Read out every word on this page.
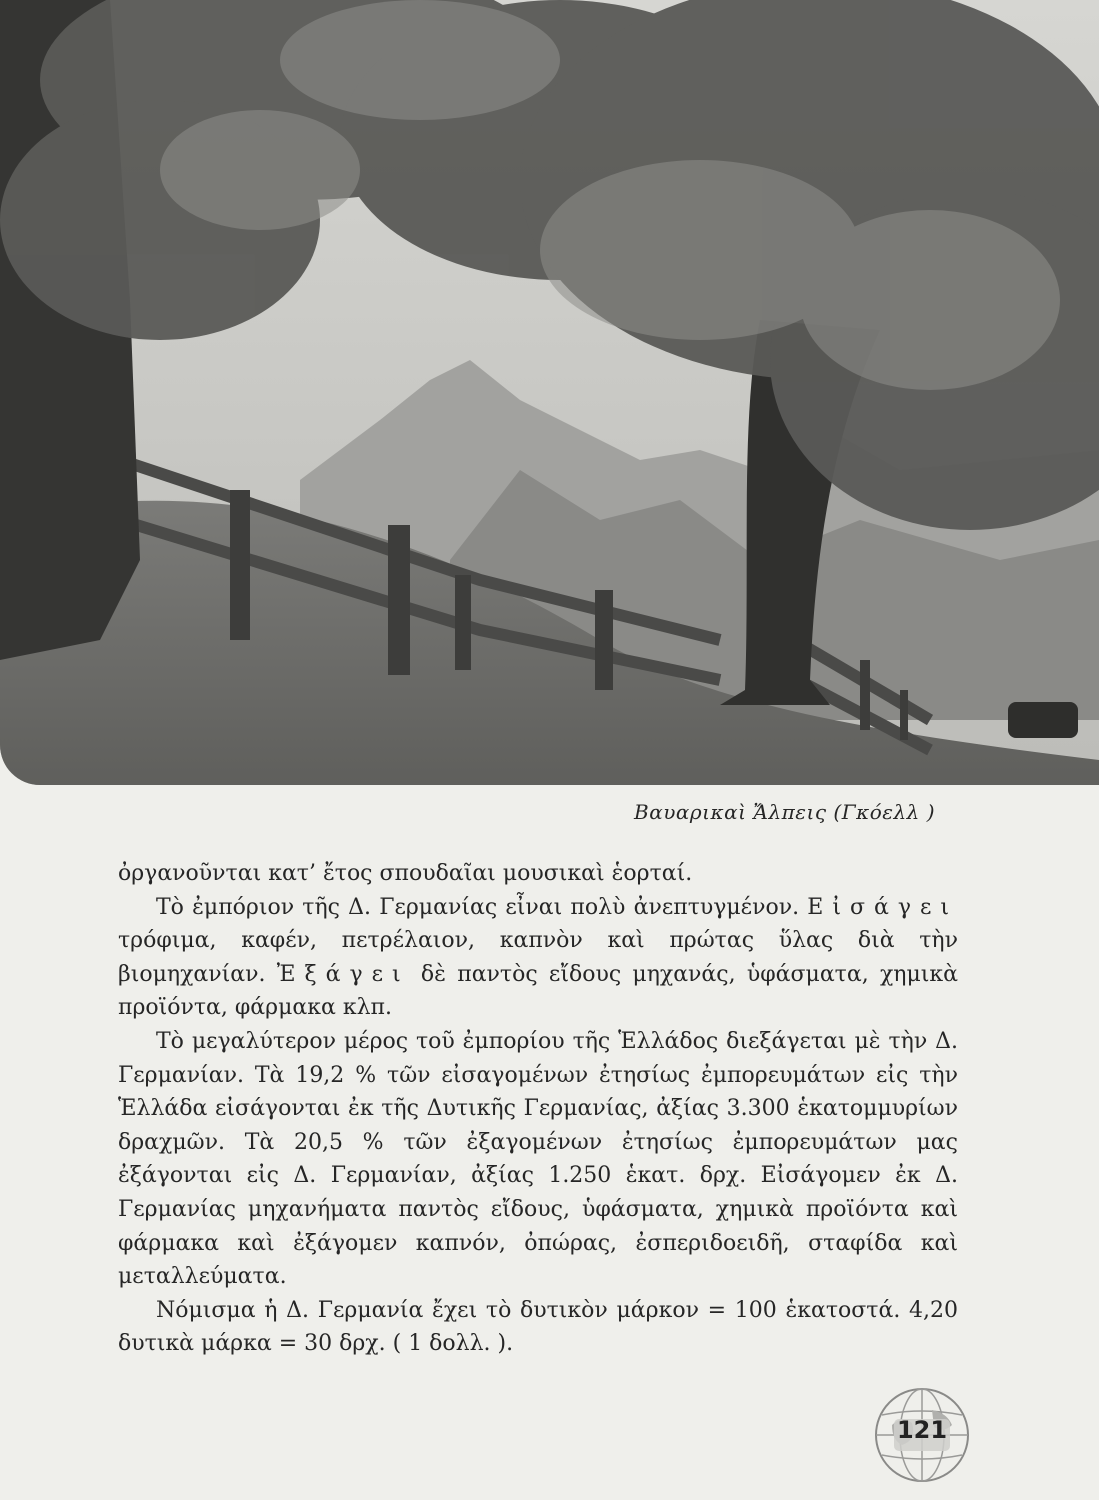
Βαυαρικαὶ Ἄλπεις (Γκόελλ )

ὀργανοῦνται κατ’ ἔτος σπουδαῖαι μουσικαὶ ἑορταί.

Τὸ ἐμπόριον τῆς Δ. Γερμανίας εἶναι πολὺ ἀνεπτυγμένον. Εἰσάγει τρόφιμα, καφέν, πετρέλαιον, καπνὸν καὶ πρώτας ὕλας διὰ τὴν βιομηχανίαν. Ἐξάγει δὲ παντὸς εἴδους μηχανάς, ὑφάσματα, χημικὰ προϊόντα, φάρμακα κλπ.

Τὸ μεγαλύτερον μέρος τοῦ ἐμπορίου τῆς Ἑλλάδος διεξάγεται μὲ τὴν Δ. Γερμανίαν. Τὰ 19,2 % τῶν εἰσαγομένων ἐτησίως ἐμπορευμάτων εἰς τὴν Ἑλλάδα εἰσάγονται ἐκ τῆς Δυτικῆς Γερμανίας, ἀξίας 3.300 ἑκατομμυρίων δραχμῶν. Τὰ 20,5 % τῶν ἐξαγομένων ἐτησίως ἐμπορευμάτων μας ἐξάγονται εἰς Δ. Γερμανίαν, ἀξίας 1.250 ἑκατ. δρχ. Εἰσάγομεν ἐκ Δ. Γερμανίας μηχανήματα παντὸς εἴδους, ὑφάσματα, χημικὰ προϊόντα καὶ φάρμακα καὶ ἐξάγομεν καπνόν, ὀπώρας, ἐσπεριδοειδῆ, σταφίδα καὶ μεταλλεύματα.

Νόμισμα ἡ Δ. Γερμανία ἔχει τὸ δυτικὸν μάρκον = 100 ἑκατοστά. 4,20 δυτικὰ μάρκα = 30 δρχ. ( 1 δολλ. ).

121
